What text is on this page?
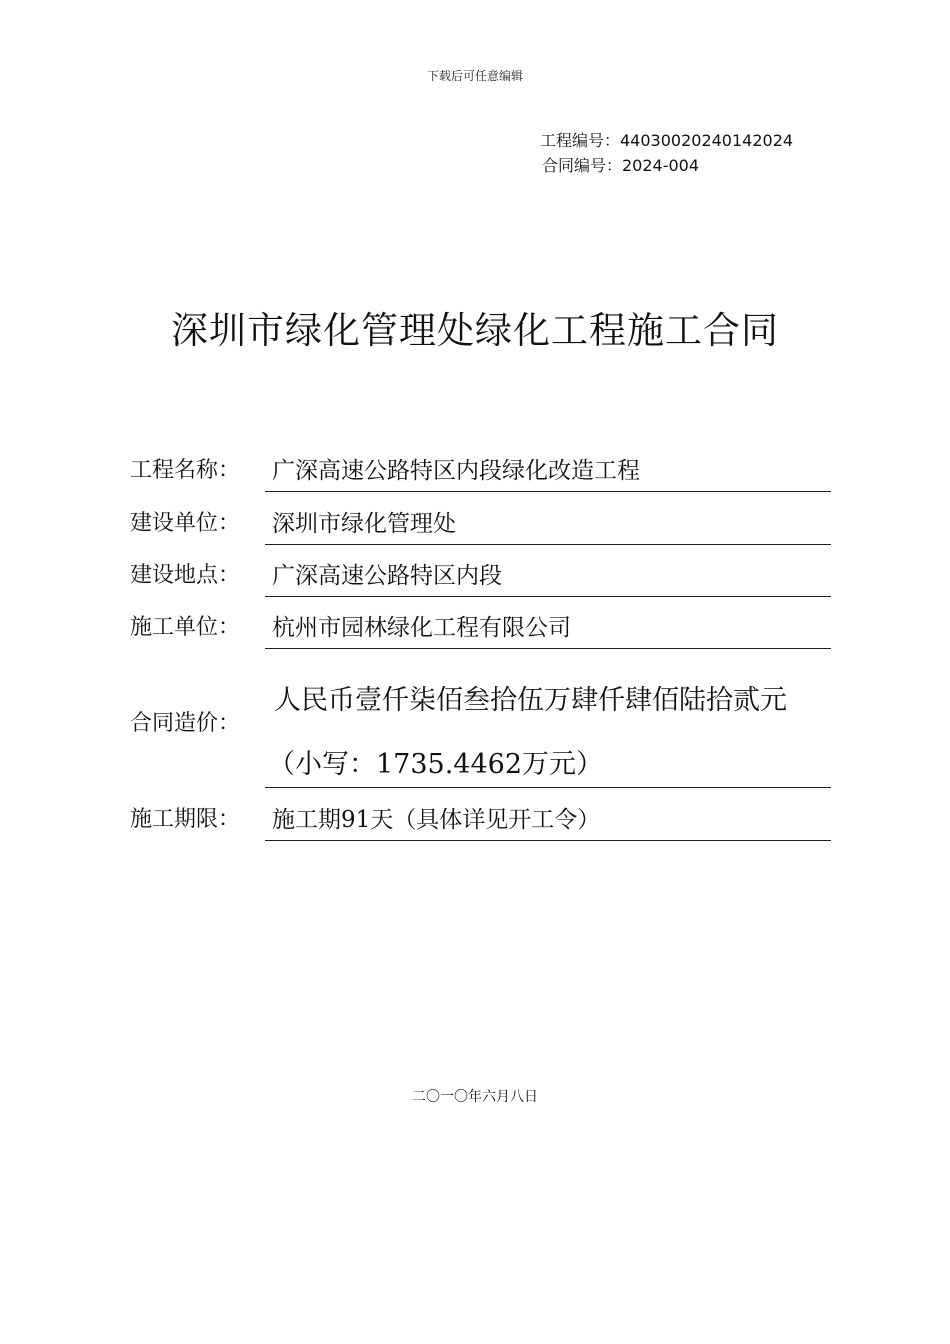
下载后可任意编辑
工程编号：44030020240142024
合同编号：2024-004
深圳市绿化管理处绿化工程施工合同
工程名称： 广深高速公路特区内段绿化改造工程
建设单位： 深圳市绿化管理处
建设地点： 广深高速公路特区内段
施工单位： 杭州市园林绿化工程有限公司
合同造价：
人民币壹仟柒佰叁拾伍万肆仟肆佰陆拾贰元
（小写：1735.4462万元）
施工期限： 施工期91天（具体详见开工令）
二〇一〇年六月八日
